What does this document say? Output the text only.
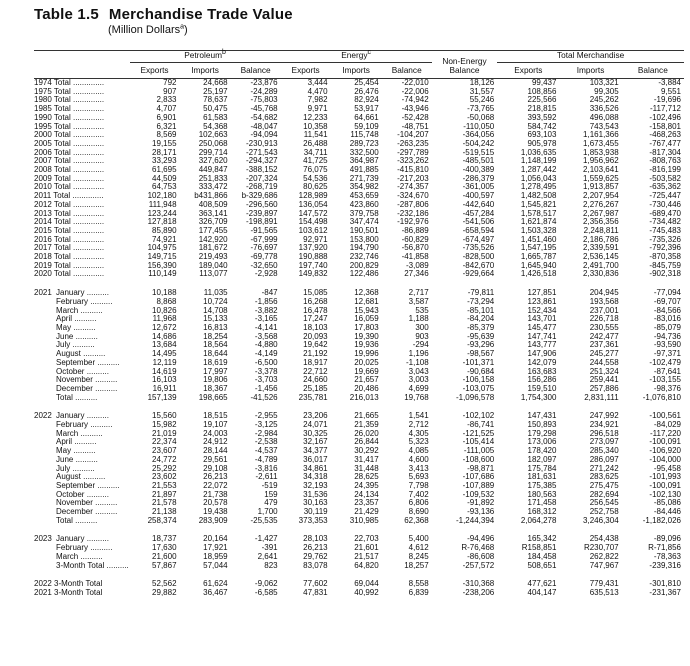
Table 1.5 Merchandise Trade Value
(Million Dollars$^a$)
	Petroleum$^b$			Energy$^c$			Non-Energy Balance	Total Merchandise		
	Exports	Imports	Balance	Exports	Imports	Balance		Exports	Imports	Balance
1974 Total ..............	792	24,668	-23,876	3,444	25,454	-22,010	18,126	99,437	103,321	-3,884
1975 Total ..............	907	25,197	-24,289	4,470	26,476	-22,006	31,557	108,856	99,305	9,551
1980 Total ..............	2,833	78,637	-75,803	7,982	82,924	-74,942	55,246	225,566	245,262	-19,696
1985 Total ..............	4,707	50,475	-45,768	9,971	53,917	-43,946	-73,765	218,815	336,526	-117,712
1990 Total ..............	6,901	61,583	-54,682	12,233	64,661	-52,428	-50,068	393,592	496,088	-102,496
1995 Total ..............	6,321	54,368	-48,047	10,358	59,109	-48,751	-110,050	584,742	743,543	-158,801
2000 Total ..............	8,569	102,663	-94,094	11,541	115,748	-104,207	-364,056	693,103	1,161,366	-468,263
2005 Total ..............	19,155	250,068	-230,913	26,488	289,723	-263,235	-504,242	905,978	1,673,455	-767,477
2006 Total ..............	28,171	299,714	-271,543	34,711	332,500	-297,789	-519,515	1,036,635	1,853,938	-817,304
2007 Total ..............	33,293	327,620	-294,327	41,725	364,987	-323,262	-485,501	1,148,199	1,956,962	-808,763
2008 Total ..............	61,695	449,847	-388,152	76,075	491,885	-415,810	-400,389	1,287,442	2,103,641	-816,199
2009 Total ..............	44,509	251,833	-207,324	54,536	271,739	-217,203	-286,379	1,056,043	1,559,625	-503,582
2010 Total ..............	64,753	333,472	-268,719	80,625	354,982	-274,357	-361,005	1,278,495	1,913,857	-635,362
2011 Total ..............	102,180	b431,866	b-329,686	128,989	453,659	-324,670	-400,597	1,482,508	2,207,954	-725,447
2012 Total ..............	111,948	408,509	-296,560	136,054	423,860	-287,806	-442,640	1,545,821	2,276,267	-730,446
2013 Total ..............	123,244	363,141	-239,897	147,572	379,758	-232,186	-457,284	1,578,517	2,267,987	-689,470
2014 Total ..............	127,818	326,709	-198,891	154,498	347,474	-192,976	-541,506	1,621,874	2,356,356	-734,482
2015 Total ..............	85,890	177,455	-91,565	103,612	190,501	-86,889	-658,594	1,503,328	2,248,811	-745,483
2016 Total ..............	74,921	142,920	-67,999	92,971	153,800	-60,829	-674,497	1,451,460	2,186,786	-735,326
2017 Total ..............	104,975	181,672	-76,697	137,920	194,790	-56,870	-735,526	1,547,195	2,339,591	-792,396
2018 Total ..............	149,715	219,493	-69,778	190,888	232,746	-41,858	-828,500	1,665,787	2,536,145	-870,358
2019 Total ..............	156,390	189,040	-32,650	197,740	200,829	-3,089	-842,670	1,645,940	2,491,700	-845,759
2020 Total ..............	110,149	113,077	-2,928	149,832	122,486	27,346	-929,664	1,426,518	2,330,836	-902,318

2021 January ..........	10,188	11,035	-847	15,085	12,368	2,717	-79,811	127,851	204,945	-77,094
February ..........	8,868	10,724	-1,856	16,268	12,681	3,587	-73,294	123,861	193,568	-69,707
March ..........	10,826	14,708	-3,882	16,478	15,943	535	-85,101	152,434	237,001	-84,566
April ..........	11,968	15,133	-3,165	17,247	16,059	1,188	-84,204	143,701	226,718	-83,016
May ..........	12,672	16,813	-4,141	18,103	17,803	300	-85,379	145,477	230,555	-85,079
June ..........	14,686	18,254	-3,568	20,093	19,390	903	-95,639	147,741	242,477	-94,736
July ..........	13,684	18,564	-4,880	19,642	19,936	-294	-93,296	143,777	237,361	-93,590
August ..........	14,495	18,644	-4,149	21,192	19,996	1,196	-98,567	147,906	245,277	-97,371
September ..........	12,119	18,619	-6,500	18,917	20,025	-1,108	-101,371	142,079	244,558	-102,479
October ..........	14,619	17,997	-3,378	22,712	19,669	3,043	-90,684	163,683	251,324	-87,641
November ..........	16,103	19,806	-3,703	24,660	21,657	3,003	-106,158	156,286	259,441	-103,155
December ..........	16,911	18,367	-1,456	25,185	20,486	4,699	-103,075	159,510	257,886	-98,376
Total ..........	157,139	198,665	-41,526	235,781	216,013	19,768	-1,096,578	1,754,300	2,831,111	-1,076,810

2022 January ..........	15,560	18,515	-2,955	23,206	21,665	1,541	-102,102	147,431	247,992	-100,561
February ..........	15,982	19,107	-3,125	24,071	21,359	2,712	-86,741	150,893	234,921	-84,029
March ..........	21,019	24,003	-2,984	30,325	26,020	4,305	-121,525	179,298	296,518	-117,220
April ..........	22,374	24,912	-2,538	32,167	26,844	5,323	-105,414	173,006	273,097	-100,091
May ..........	23,607	28,144	-4,537	34,377	30,292	4,085	-111,005	178,420	285,340	-106,920
June ..........	24,772	29,561	-4,789	36,017	31,417	4,600	-108,600	182,097	286,097	-104,000
July ..........	25,292	29,108	-3,816	34,861	31,448	3,413	-98,871	175,784	271,242	-95,458
August ..........	23,602	26,213	-2,611	34,318	28,625	5,693	-107,686	181,631	283,625	-101,993
September ..........	21,553	22,072	-519	32,193	24,395	7,798	-107,889	175,385	275,475	-100,091
October ..........	21,897	21,738	159	31,536	24,134	7,402	-109,532	180,563	282,694	-102,130
November ..........	21,578	20,578	479	30,163	23,357	6,806	-91,892	171,458	256,545	-85,086
December ..........	21,138	19,438	1,700	30,119	21,429	8,690	-93,136	168,312	252,758	-84,446
Total ..........	258,374	283,909	-25,535	373,353	310,985	62,368	-1,244,394	2,064,278	3,246,304	-1,182,026

2023 January ..........	18,737	20,164	-1,427	28,103	22,703	5,400	-94,496	165,342	254,438	-89,096
February ..........	17,630	17,921	-391	26,213	21,601	4,612	R-76,468	R158,851	R230,707	R-71,856
March ..........	21,600	18,959	2,641	29,762	21,517	8,245	-86,608	184,458	262,822	-78,363
3-Month Total ..........	57,867	57,044	823	83,078	64,820	18,257	-257,572	508,651	747,967	-239,316

2022 3-Month Total	52,562	61,624	-9,062	77,602	69,044	8,558	-310,368	477,621	779,431	-301,810
2021 3-Month Total	29,882	36,467	-6,585	47,831	40,992	6,839	-238,206	404,147	635,513	-231,367
